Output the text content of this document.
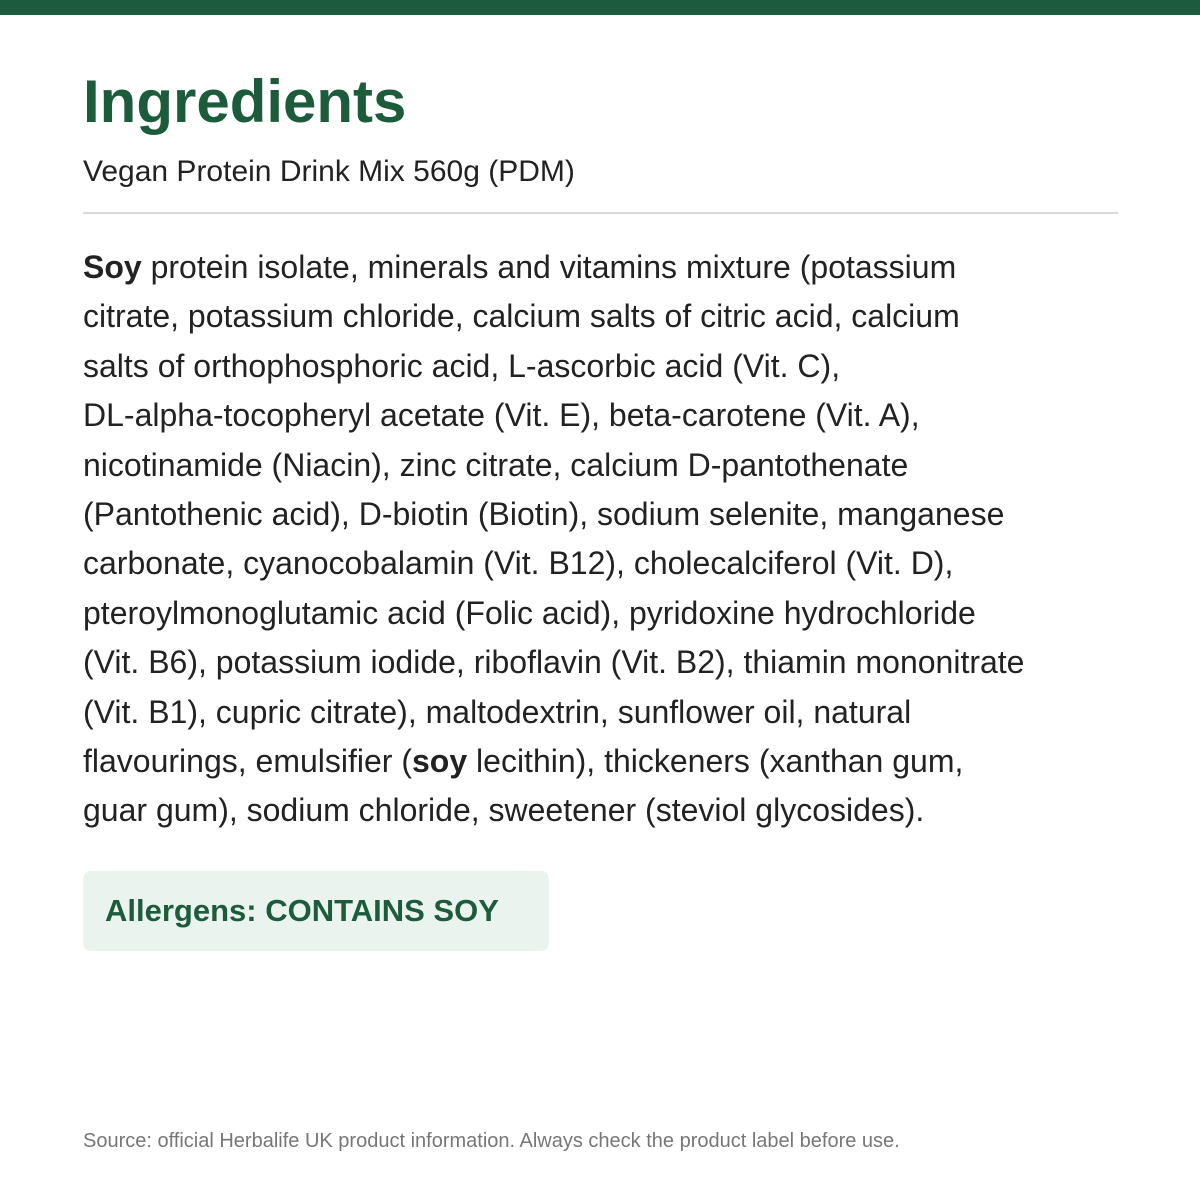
Ingredients

Vegan Protein Drink Mix 560g (PDM)

Soy protein isolate, minerals and vitamins mixture (potassium
citrate, potassium chloride, calcium salts of citric acid, calcium
salts of orthophosphoric acid, L-ascorbic acid (Vit. C),
DL-alpha-tocopheryl acetate (Vit. E), beta-carotene (Vit. A),
nicotinamide (Niacin), zinc citrate, calcium D-pantothenate
(Pantothenic acid), D-biotin (Biotin), sodium selenite, manganese
carbonate, cyanocobalamin (Vit. B12), cholecalciferol (Vit. D),
pteroylmonoglutamic acid (Folic acid), pyridoxine hydrochloride
(Vit. B6), potassium iodide, riboflavin (Vit. B2), thiamin mononitrate
(Vit. B1), cupric citrate), maltodextrin, sunflower oil, natural
flavourings, emulsifier (soy lecithin), thickeners (xanthan gum,
guar gum), sodium chloride, sweetener (steviol glycosides).
Allergens: CONTAINS SOY

Source: official Herbalife UK product information. Always check the product label before use.
